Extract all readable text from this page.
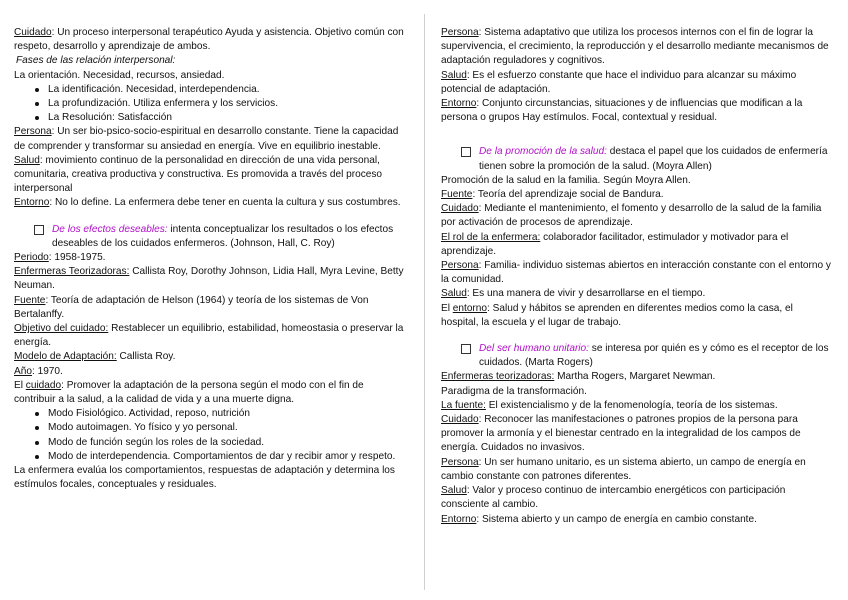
Cuidado: Un proceso interpersonal terapéutico Ayuda y asistencia. Objetivo común con respeto, desarrollo y aprendizaje de ambos.

Fases de las relación interpersonal:

La orientación. Necesidad, recursos, ansiedad.

La identificación. Necesidad, interdependencia.
La profundización. Utiliza enfermera y los servicios.
La Resolución: Satisfacción

Persona: Un ser bio-psico-socio-espiritual en desarrollo constante. Tiene la capacidad de comprender y transformar su ansiedad en energía. Vive en equilibrio inestable.

Salud: movimiento continuo de la personalidad en dirección de una vida personal, comunitaria, creativa productiva y constructiva. Es promovida a través del proceso interpersonal

Entorno: No lo define. La enfermera debe tener en cuenta la cultura y sus costumbres.

De los efectos deseables: intenta conceptualizar los resultados o los efectos deseables de los cuidados enfermeros. (Johnson, Hall, C. Roy)

Periodo: 1958-1975.

Enfermeras Teorizadoras: Callista Roy, Dorothy Johnson, Lidia Hall, Myra Levine, Betty Neuman.

Fuente: Teoría de adaptación de Helson (1964) y teoría de los sistemas de Von Bertalanffy.

Objetivo del cuidado: Restablecer un equilibrio, estabilidad, homeostasia o preservar la energía.

Modelo de Adaptación: Callista Roy.

Año: 1970.

El cuidado: Promover la adaptación de la persona según el modo con el fin de contribuir a la salud, a la calidad de vida y a una muerte digna.

Modo Fisiológico. Actividad, reposo, nutrición
Modo autoimagen. Yo físico y yo personal.
Modo de función según los roles de la sociedad.
Modo de interdependencia. Comportamientos de dar y recibir amor y respeto.

La enfermera evalúa los comportamientos, respuestas de adaptación y determina los estímulos focales, conceptuales y residuales.

Persona: Sistema adaptativo que utiliza los procesos internos con el fin de lograr la supervivencia, el crecimiento, la reproducción y el desarrollo mediante mecanismos de adaptación reguladores y cognitivos.

Salud: Es el esfuerzo constante que hace el individuo para alcanzar su máximo potencial de adaptación.

Entorno: Conjunto circunstancias, situaciones y de influencias que modifican a la persona o grupos Hay estímulos. Focal, contextual y residual.

De la promoción de la salud: destaca el papel que los cuidados de enfermería tienen sobre la promoción de la salud. (Moyra Allen)

Promoción de la salud en la familia. Según Moyra Allen.

Fuente: Teoría del aprendizaje social de Bandura.

Cuidado: Mediante el mantenimiento, el fomento y desarrollo de la salud de la familia por activación de procesos de aprendizaje.

El rol de la enfermera: colaborador facilitador, estimulador y motivador para el aprendizaje.

Persona: Familia- individuo sistemas abiertos en interacción constante con el entorno y la comunidad.

Salud: Es una manera de vivir y desarrollarse en el tiempo.

El entorno: Salud y hábitos se aprenden en diferentes medios como la casa, el hospital, la escuela y el lugar de trabajo.

Del ser humano unitario: se interesa por quién es y cómo es el receptor de los cuidados. (Marta Rogers)

Enfermeras teorizadoras: Martha Rogers, Margaret Newman.

Paradigma de la transformación.

La fuente: El existencialismo y de la fenomenología, teoría de los sistemas.

Cuidado: Reconocer las manifestaciones o patrones propios de la persona para promover la armonía y el bienestar centrado en la integralidad de los campos de energía. Cuidados no invasivos.

Persona: Un ser humano unitario, es un sistema abierto, un campo de energía en cambio constante con patrones diferentes.

Salud: Valor y proceso continuo de intercambio energéticos con participación consciente al cambio.

Entorno: Sistema abierto y un campo de energía en cambio constante.
